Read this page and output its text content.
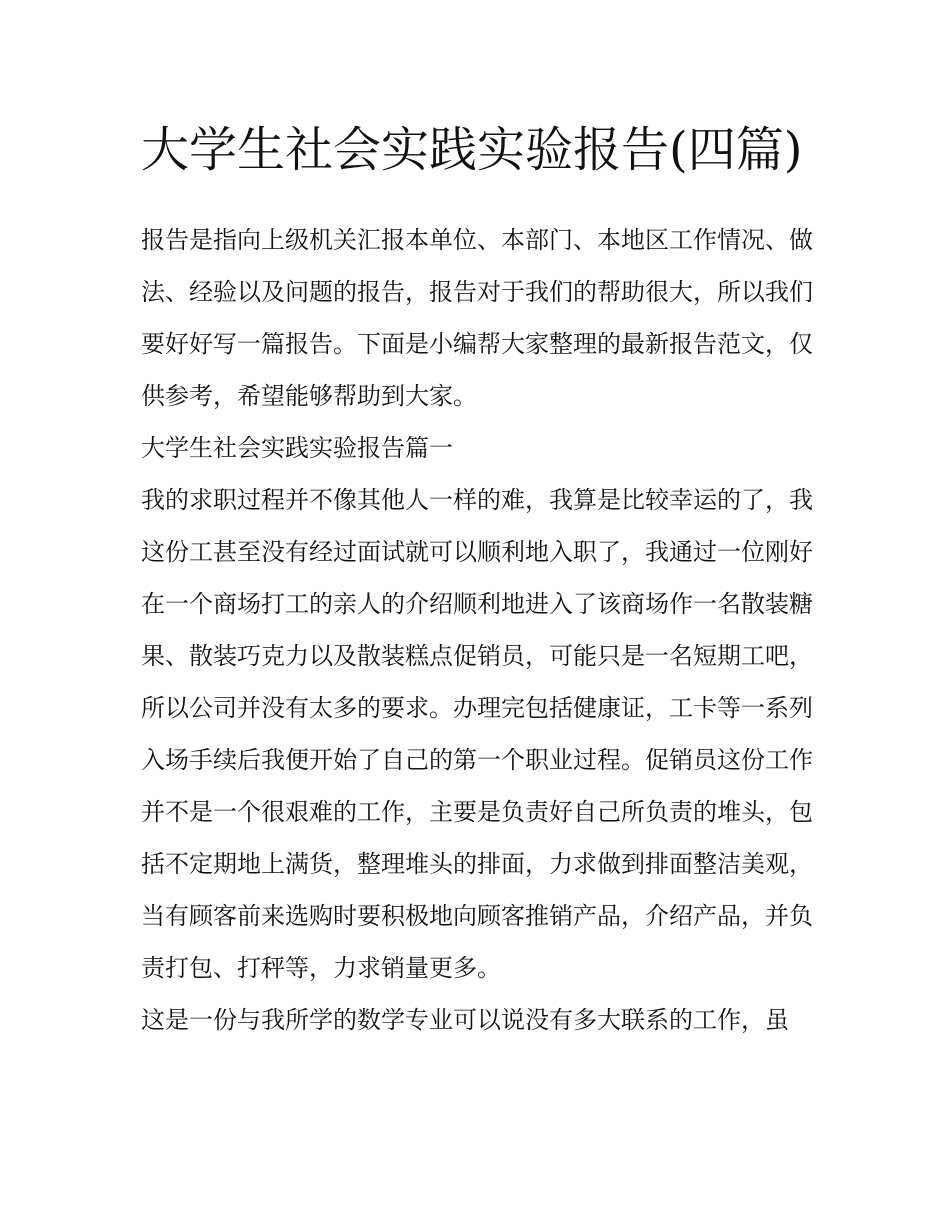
大学生社会实践实验报告(四篇)

报告是指向上级机关汇报本单位、本部门、本地区工作情况、做法、经验以及问题的报告，报告对于我们的帮助很大，所以我们要好好写一篇报告。下面是小编帮大家整理的最新报告范文，仅供参考，希望能够帮助到大家。

大学生社会实践实验报告篇一

我的求职过程并不像其他人一样的难，我算是比较幸运的了，我这份工甚至没有经过面试就可以顺利地入职了，我通过一位刚好在一个商场打工的亲人的介绍顺利地进入了该商场作一名散装糖果、散装巧克力以及散装糕点促销员，可能只是一名短期工吧，所以公司并没有太多的要求。办理完包括健康证，工卡等一系列入场手续后我便开始了自己的第一个职业过程。促销员这份工作并不是一个很艰难的工作，主要是负责好自己所负责的堆头，包括不定期地上满货，整理堆头的排面，力求做到排面整洁美观，当有顾客前来选购时要积极地向顾客推销产品，介绍产品，并负责打包、打秤等，力求销量更多。

这是一份与我所学的数学专业可以说没有多大联系的工作，虽
